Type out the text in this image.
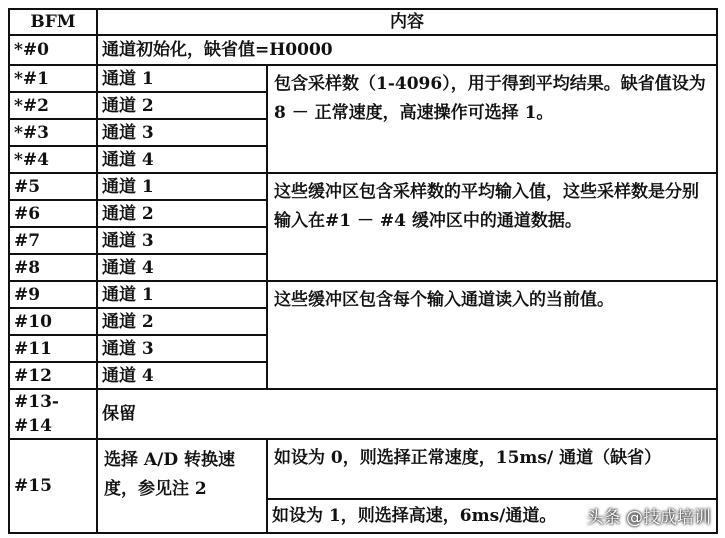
BFM	内容	
*#0	通道初始化，缺省值=H0000	
*#1	通道 1	包含采样数（1-4096），用于得到平均结果。缺省值设为 8 － 正常速度，高速操作可选择 1。
*#2	通道 2	
*#3	通道 3	
*#4	通道 4	
#5	通道 1	这些缓冲区包含采样数的平均输入值，这些采样数是分别输入在#1 － #4 缓冲区中的通道数据。
#6	通道 2	
#7	通道 3	
#8	通道 4	
#9	通道 1	这些缓冲区包含每个输入通道读入的当前值。
#10	通道 2	
#11	通道 3	
#12	通道 4	
#13-#14	保留	
#15	选择 A/D 转换速度，参见注 2	如设为 0，则选择正常速度，15ms/ 通道（缺省）
		如设为 1，则选择高速，6ms/通道。 头条 @技成培训
